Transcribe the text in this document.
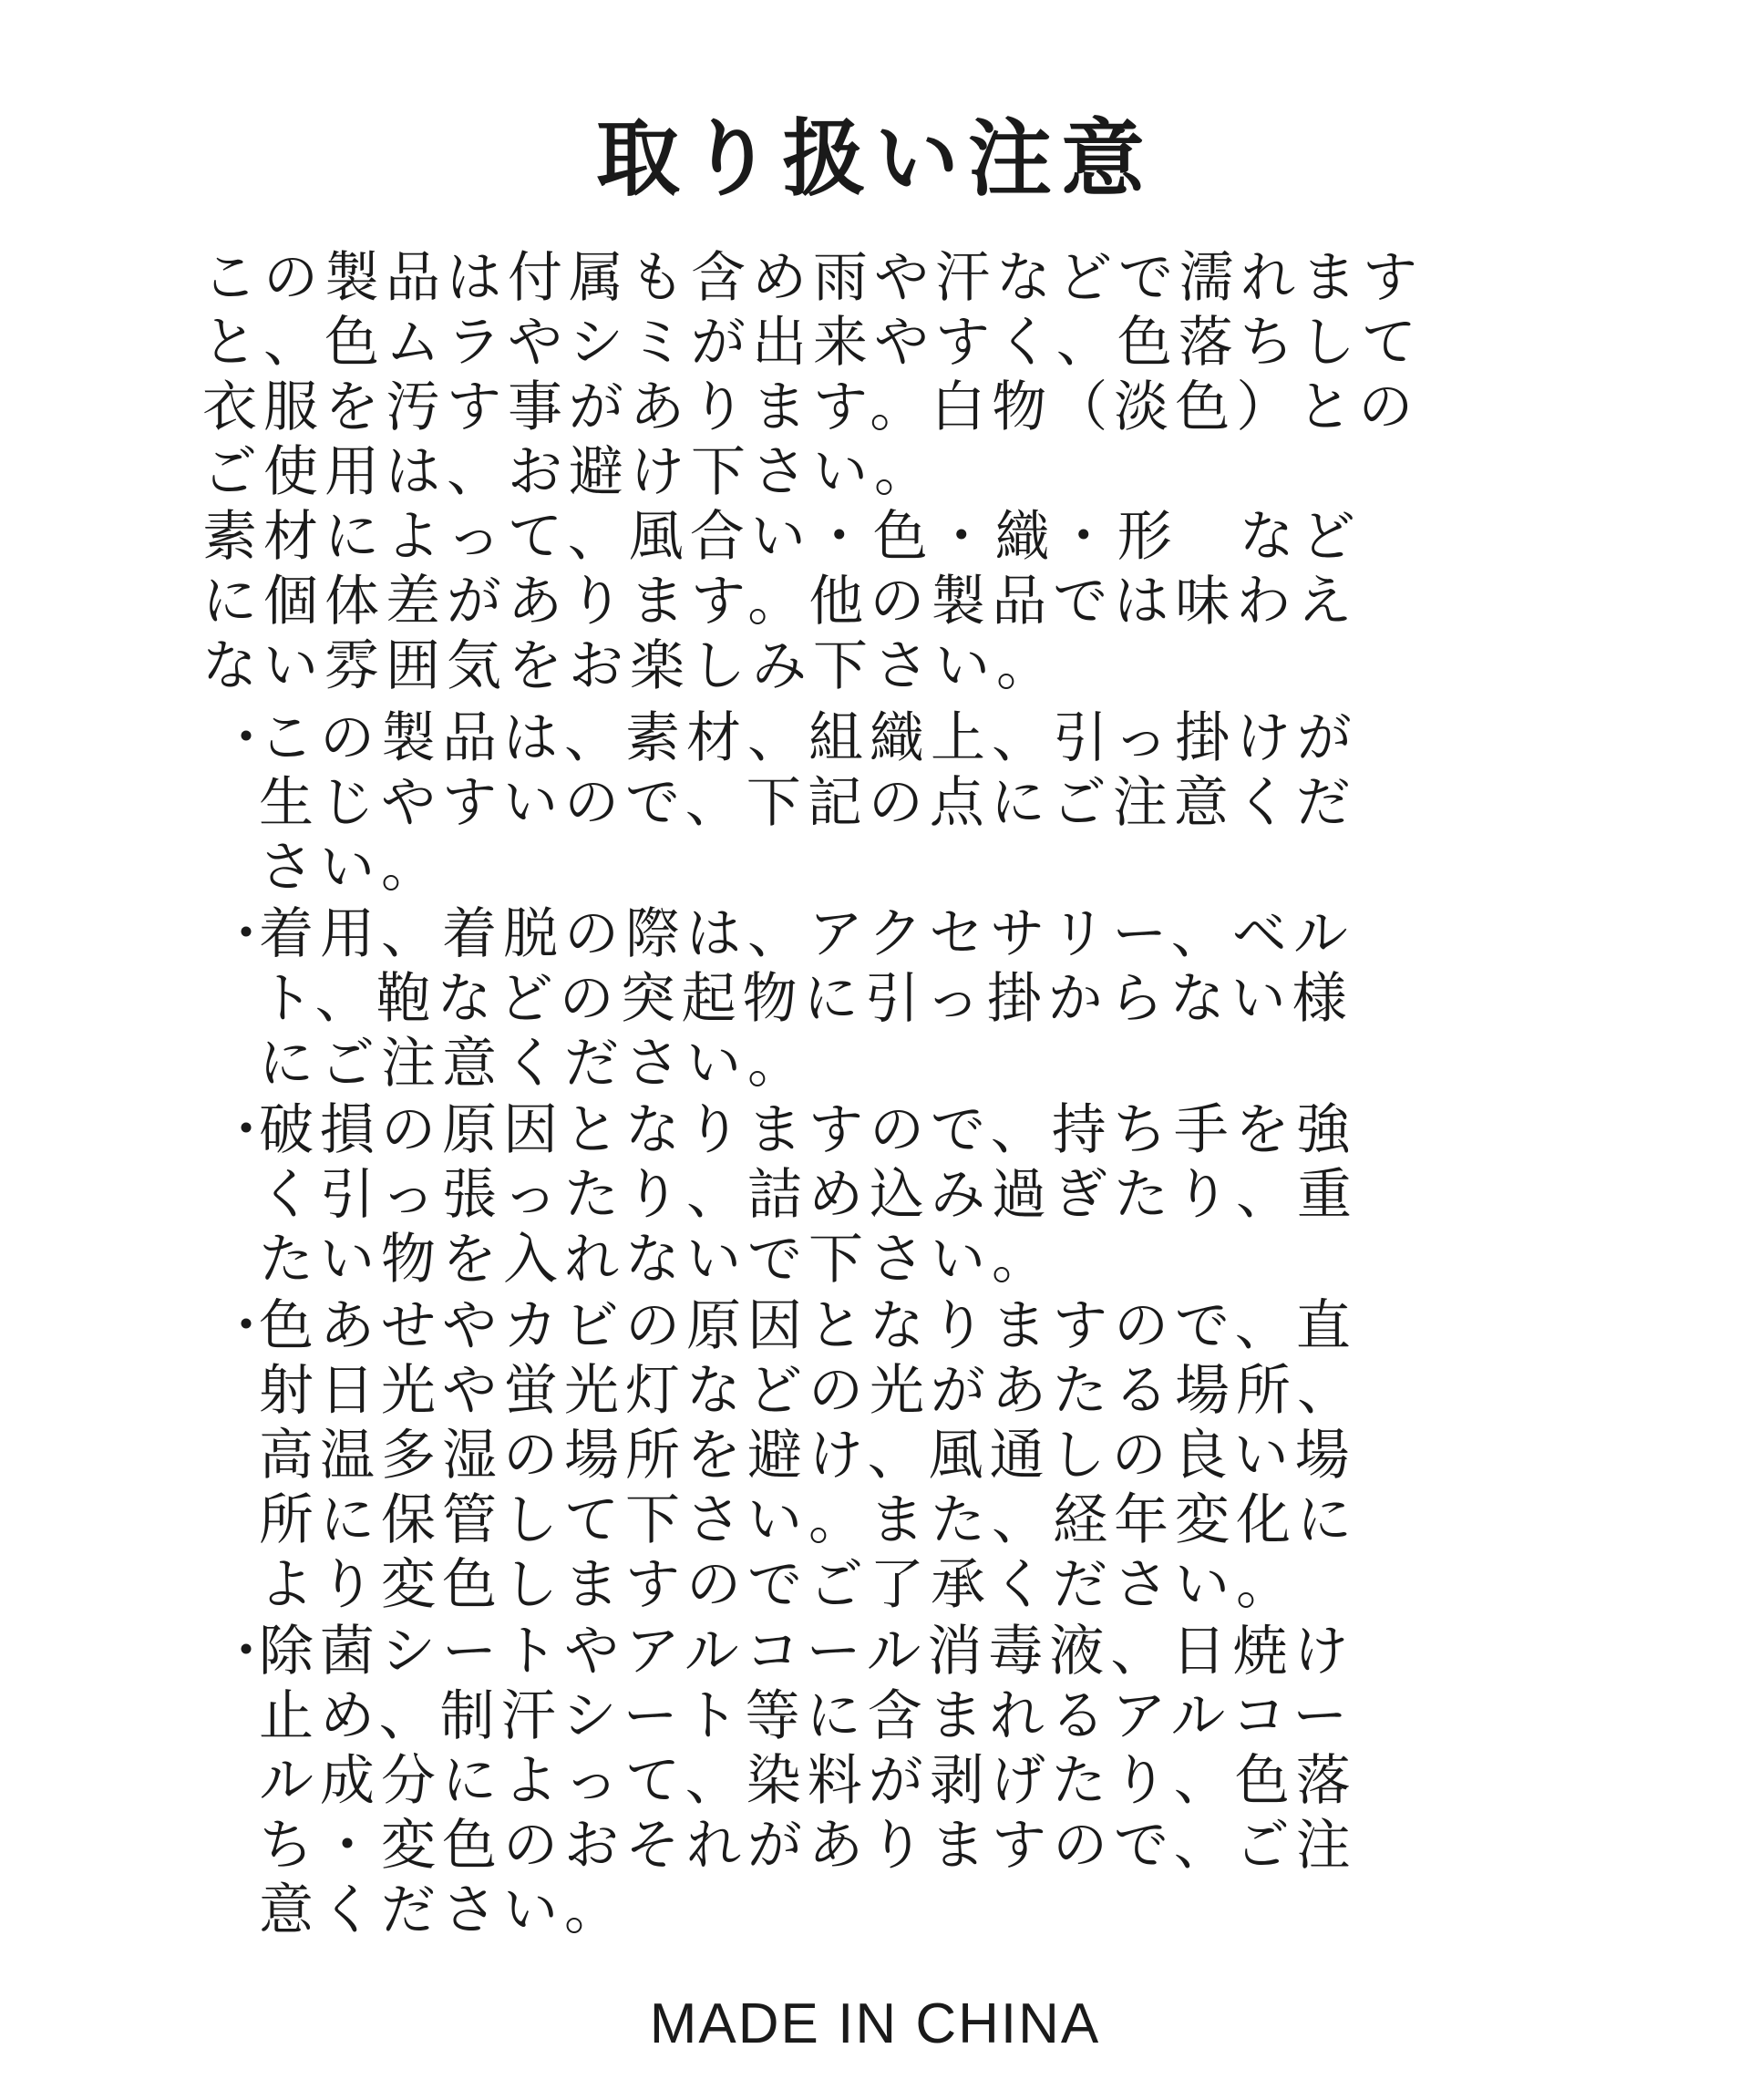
取り扱い注意
この製品は付属も含め雨や汗などで濡れます
と、色ムラやシミが出来やすく、色落ちして
衣服を汚す事があります。白物（淡色）との
ご使用は、お避け下さい。
素材によって、風合い・色・織・形　など
に個体差があります。他の製品では味わえ
ない雰囲気をお楽しみ下さい。
・
この製品は、素材、組織上、引っ掛けが
生じやすいので、下記の点にご注意くだ
さい。
・
着用、着脱の際は、アクセサリー、ベル
ト、鞄などの突起物に引っ掛からない様
にご注意ください。
・
破損の原因となりますので、持ち手を強
く引っ張ったり、詰め込み過ぎたり、重
たい物を入れないで下さい。
・
色あせやカビの原因となりますので、直
射日光や蛍光灯などの光があたる場所、
高温多湿の場所を避け、風通しの良い場
所に保管して下さい。また、経年変化に
より変色しますのでご了承ください。
・
除菌シートやアルコール消毒液、日焼け
止め、制汗シート等に含まれるアルコー
ル成分によって、染料が剥げたり、色落
ち・変色のおそれがありますので、ご注
意ください。
MADE IN CHINA
